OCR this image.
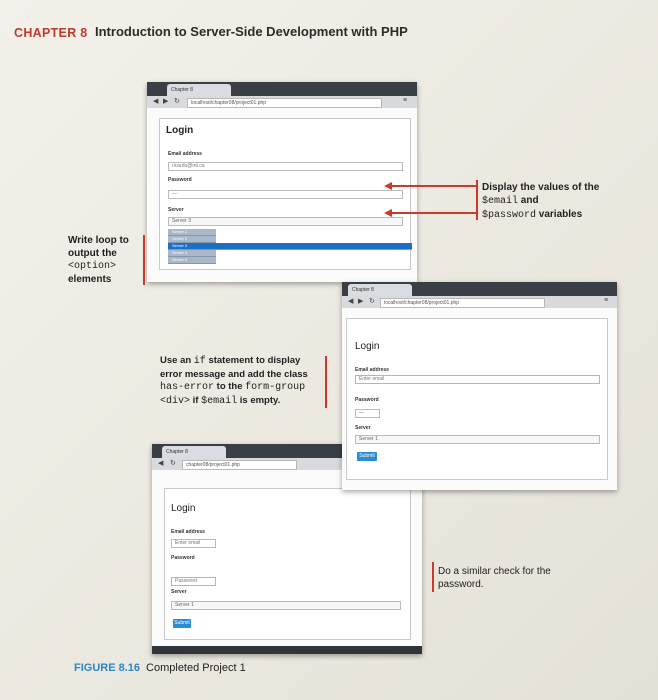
CHAPTER 8 Introduction to Server-Side Development with PHP
Chapter 8
◀ ▶ ↻	localhost/chapter08/project01.php	≡
Login
Email address
ricardo@mt.ca
Password
—
Server
Server 3
Server 1
Server 2
Server 3
Server 4
Server 5
Chapter 8
◀ ↻	chapter08/project01.php
Login
Email address
Enter email
Password
Password
Server
Server 1
Submit
Chapter 8
◀ ▶ ↻	localhost/chapter08/project01.php	≡
Login
Email address
Enter email
Password
—
Server
Server 1
Submit
Display the values of the
$email and
$password variables
Write loop to
output the
<option>
elements
Use an if statement to display
error message and add the class
has-error to the form-group
<div> if $email is empty.
Do a similar check for the
password.
FIGURE 8.16 Completed Project 1
